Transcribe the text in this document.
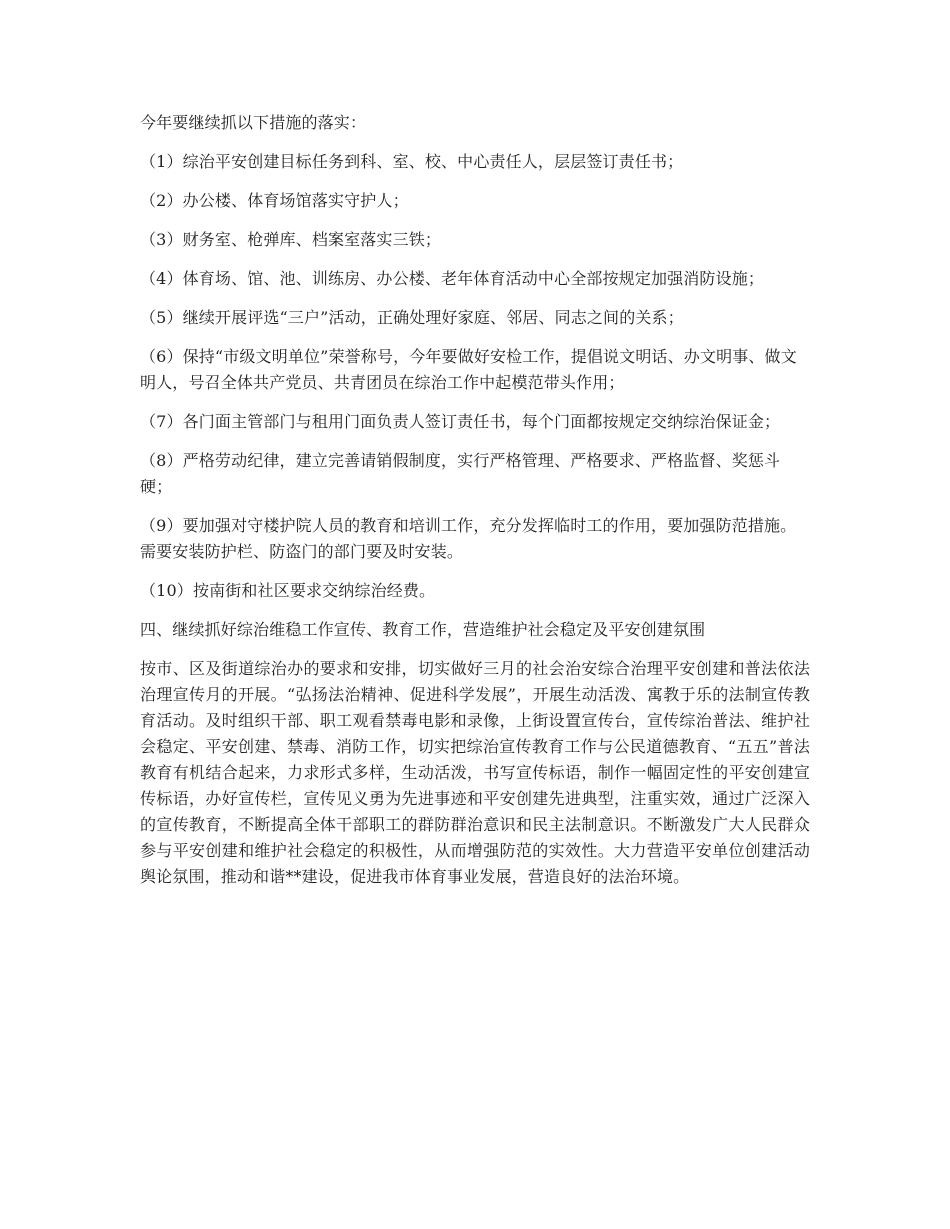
今年要继续抓以下措施的落实：

（1）综治平安创建目标任务到科、室、校、中心责任人，层层签订责任书；

（2）办公楼、体育场馆落实守护人；

（3）财务室、枪弹库、档案室落实三铁；

（4）体育场、馆、池、训练房、办公楼、老年体育活动中心全部按规定加强消防设施；

（5）继续开展评选“三户”活动，正确处理好家庭、邻居、同志之间的关系；

（6）保持“市级文明单位”荣誉称号，今年要做好安检工作，提倡说文明话、办文明事、做文明人，号召全体共产党员、共青团员在综治工作中起模范带头作用；

（7）各门面主管部门与租用门面负责人签订责任书，每个门面都按规定交纳综治保证金；

（8）严格劳动纪律，建立完善请销假制度，实行严格管理、严格要求、严格监督、奖惩斗硬；

（9）要加强对守楼护院人员的教育和培训工作，充分发挥临时工的作用，要加强防范措施。需要安装防护栏、防盗门的部门要及时安装。

（10）按南街和社区要求交纳综治经费。

四、继续抓好综治维稳工作宣传、教育工作，营造维护社会稳定及平安创建氛围

按市、区及街道综治办的要求和安排，切实做好三月的社会治安综合治理平安创建和普法依法治理宣传月的开展。“弘扬法治精神、促进科学发展”，开展生动活泼、寓教于乐的法制宣传教育活动。及时组织干部、职工观看禁毒电影和录像，上街设置宣传台，宣传综治普法、维护社会稳定、平安创建、禁毒、消防工作，切实把综治宣传教育工作与公民道德教育、“五五”普法教育有机结合起来，力求形式多样，生动活泼，书写宣传标语，制作一幅固定性的平安创建宣传标语，办好宣传栏，宣传见义勇为先进事迹和平安创建先进典型，注重实效，通过广泛深入的宣传教育，不断提高全体干部职工的群防群治意识和民主法制意识。不断激发广大人民群众参与平安创建和维护社会稳定的积极性，从而增强防范的实效性。大力营造平安单位创建活动舆论氛围，推动和谐**建设，促进我市体育事业发展，营造良好的法治环境。
